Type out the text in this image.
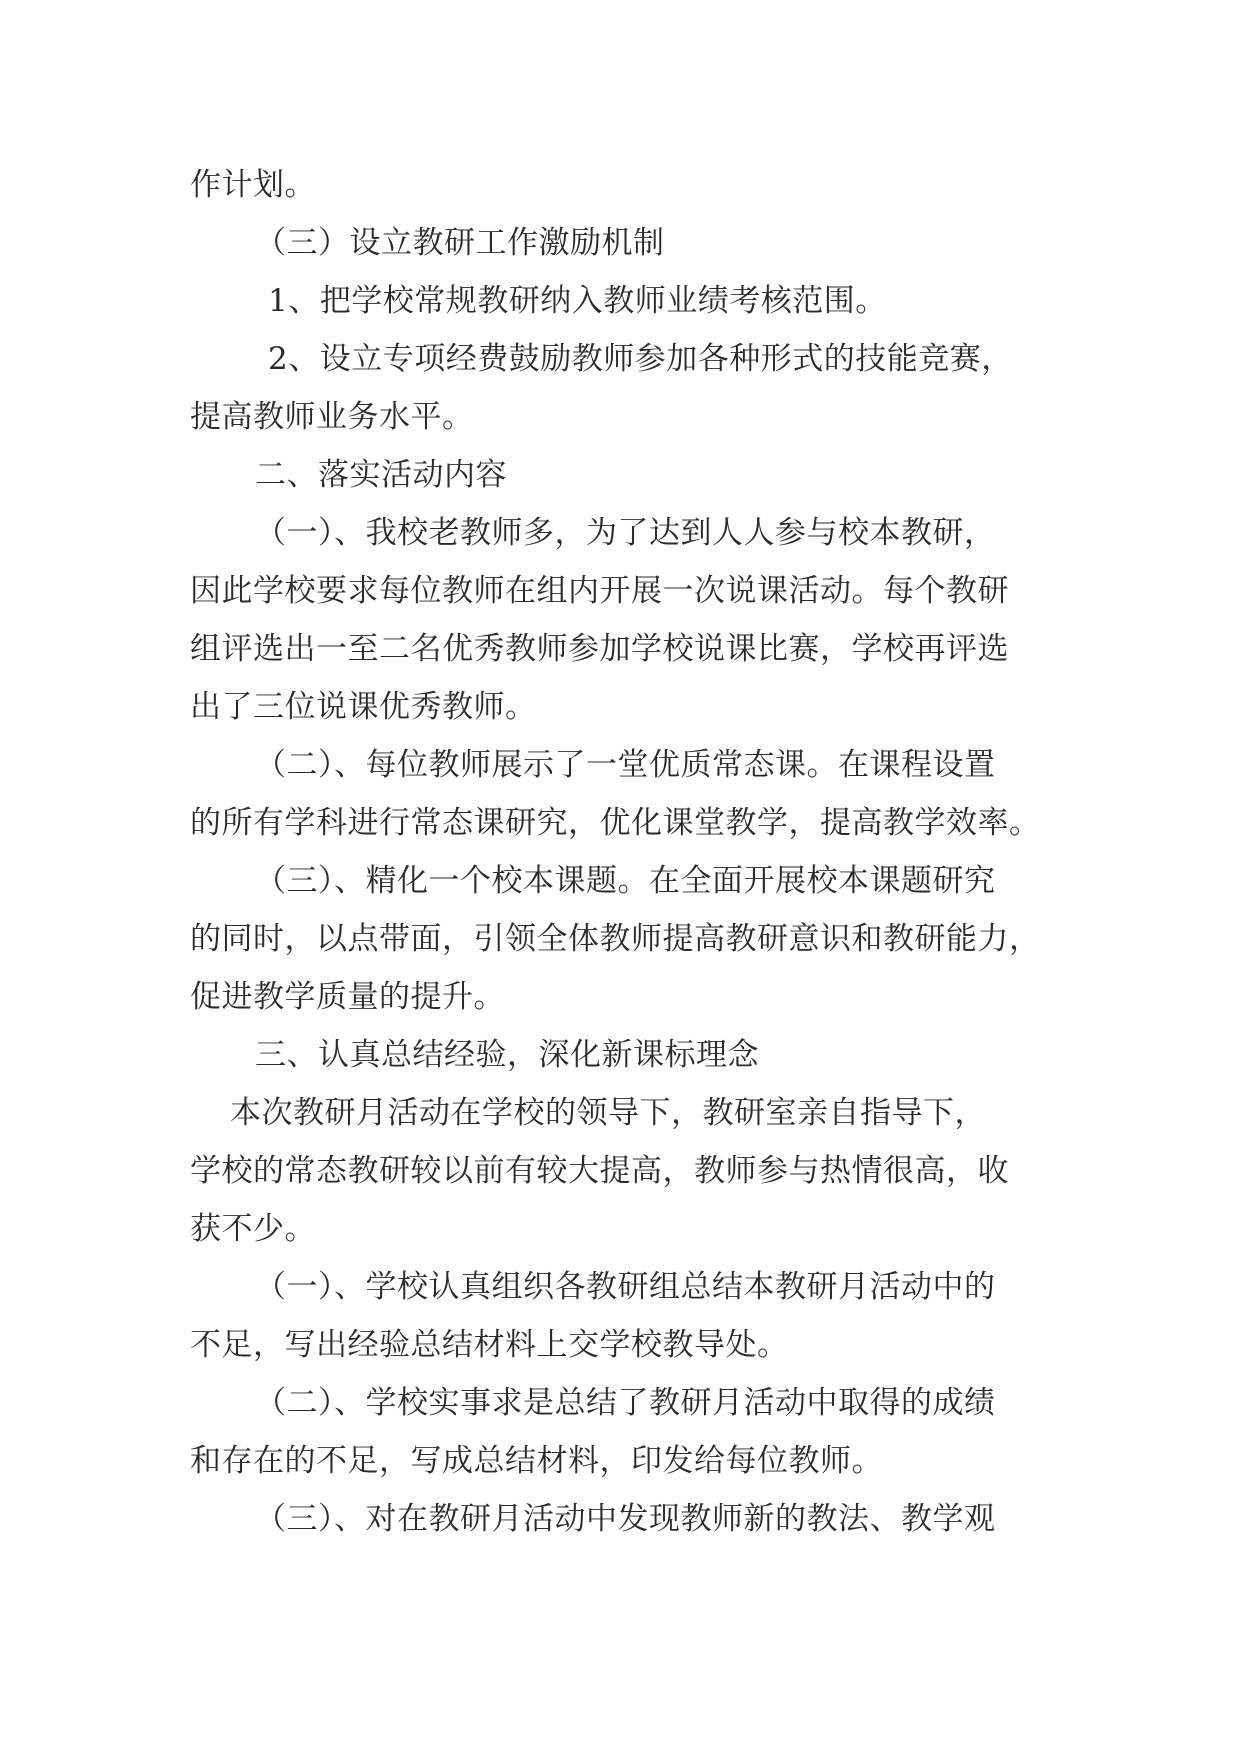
作计划。
（三）设立教研工作激励机制
1、把学校常规教研纳入教师业绩考核范围。
2、设立专项经费鼓励教师参加各种形式的技能竞赛，
提高教师业务水平。
二、落实活动内容
（一）、我校老教师多，为了达到人人参与校本教研，
因此学校要求每位教师在组内开展一次说课活动。每个教研
组评选出一至二名优秀教师参加学校说课比赛，学校再评选
出了三位说课优秀教师。
（二）、每位教师展示了一堂优质常态课。在课程设置
的所有学科进行常态课研究，优化课堂教学，提高教学效率。
（三）、精化一个校本课题。在全面开展校本课题研究
的同时，以点带面，引领全体教师提高教研意识和教研能力，
促进教学质量的提升。
三、认真总结经验，深化新课标理念
本次教研月活动在学校的领导下，教研室亲自指导下，
学校的常态教研较以前有较大提高，教师参与热情很高，收
获不少。
（一）、学校认真组织各教研组总结本教研月活动中的
不足，写出经验总结材料上交学校教导处。
（二）、学校实事求是总结了教研月活动中取得的成绩
和存在的不足，写成总结材料，印发给每位教师。
（三）、对在教研月活动中发现教师新的教法、教学观
